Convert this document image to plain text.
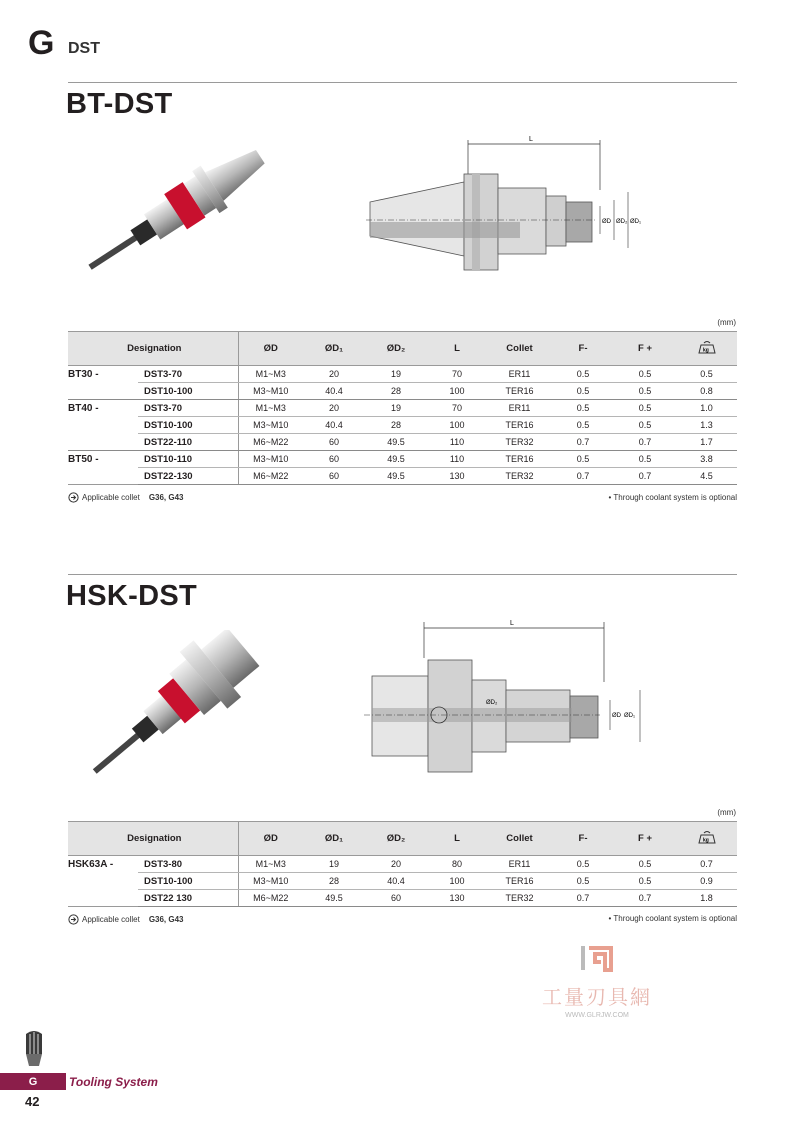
G DST
BT-DST
L
ØD ØD₂ ØD₁
(mm)
Designation		ØD	ØD₁	ØD₂	L	Collet	F-	F +	kg

BT30 -	DST3-70	M1~M3	20	19	70	ER11	0.5	0.5	0.5
	DST10-100	M3~M10	40.4	28	100	TER16	0.5	0.5	0.8
BT40 -	DST3-70	M1~M3	20	19	70	ER11	0.5	0.5	1.0
	DST10-100	M3~M10	40.4	28	100	TER16	0.5	0.5	1.3
	DST22-110	M6~M22	60	49.5	110	TER32	0.7	0.7	1.7
BT50 -	DST10-110	M3~M10	60	49.5	110	TER16	0.5	0.5	3.8
	DST22-130	M6~M22	60	49.5	130	TER32	0.7	0.7	4.5
Applicable collet G36, G43	• Through coolant system is optional
HSK-DST
L
ØD₂
ØD ØD₁
(mm)
Designation		ØD	ØD₁	ØD₂	L	Collet	F-	F +	kg

HSK63A -	DST3-80	M1~M3	19	20	80	ER11	0.5	0.5	0.7
	DST10-100	M3~M10	28	40.4	100	TER16	0.5	0.5	0.9
	DST22 130	M6~M22	49.5	60	130	TER32	0.7	0.7	1.8
Applicable collet G36, G43	• Through coolant system is optional
工量刃具網
WWW.GLRJW.COM
G	Tooling System
42
